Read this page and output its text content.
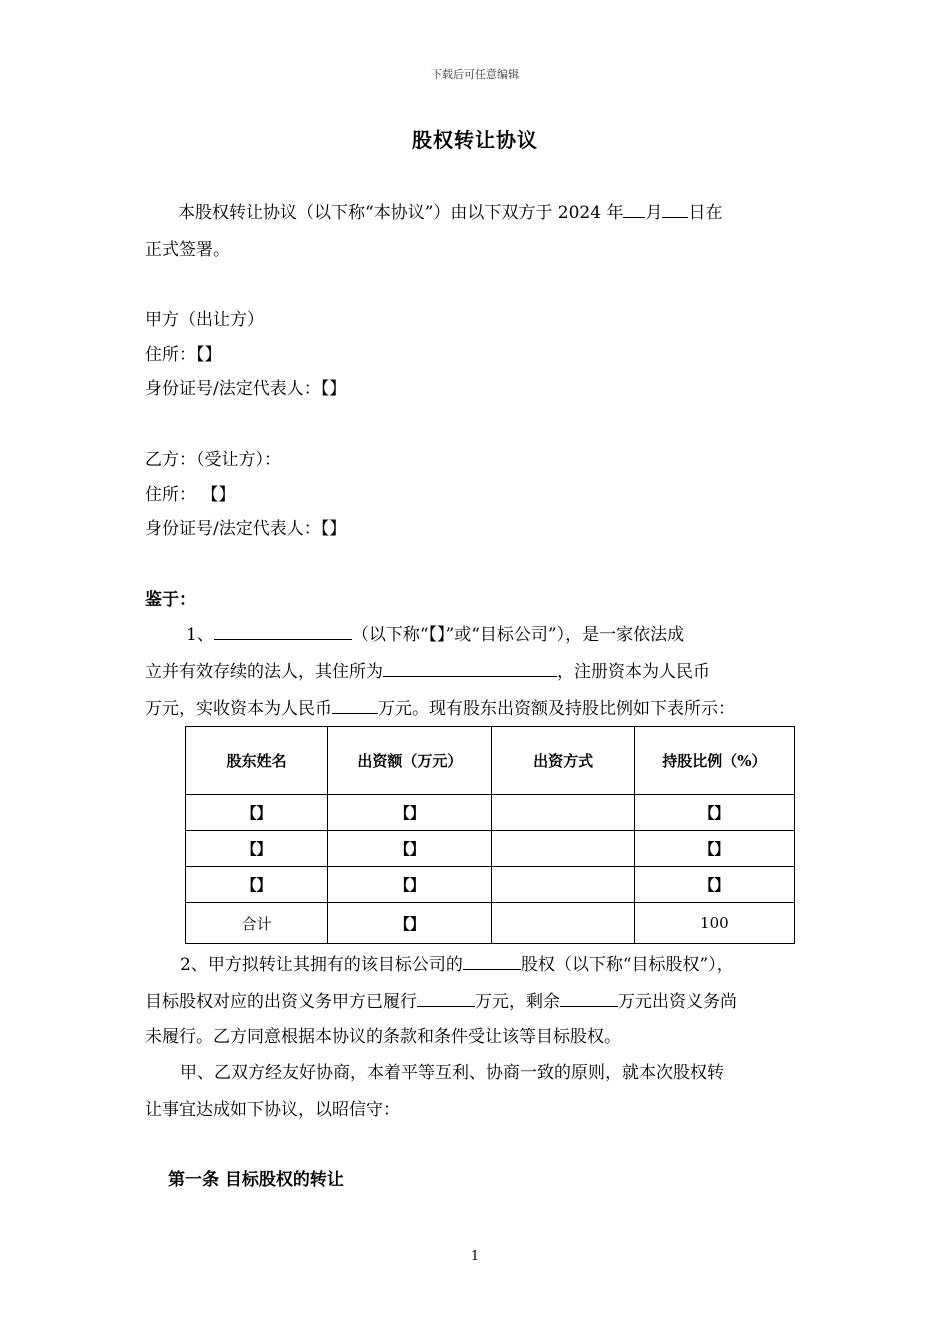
下载后可任意编辑
股权转让协议
本股权转让协议（以下称“本协议”）由以下双方于 2024 年 月 日在
正式签署。
甲方（出让方）
住所：【】
身份证号/法定代表人：【】
乙方：（受让方）：
住所： 【】
身份证号/法定代表人：【】
鉴于：
1、	（以下称“【】”或“目标公司”），是一家依法成
立并有效存续的法人，其住所为	，注册资本为人民币
万元，实收资本为人民币	万元。现有股东出资额及持股比例如下表所示：
股东姓名	出资额（万元）	出资方式	持股比例（%）
【】	【】		【】
【】	【】		【】
【】	【】		【】
合计	【】		100
2、甲方拟转让其拥有的该目标公司的	股权（以下称“目标股权”），
目标股权对应的出资义务甲方已履行	万元，剩余	万元出资义务尚
未履行。乙方同意根据本协议的条款和条件受让该等目标股权。
甲、乙双方经友好协商，本着平等互利、协商一致的原则，就本次股权转
让事宜达成如下协议，以昭信守：
第一条 目标股权的转让
1
